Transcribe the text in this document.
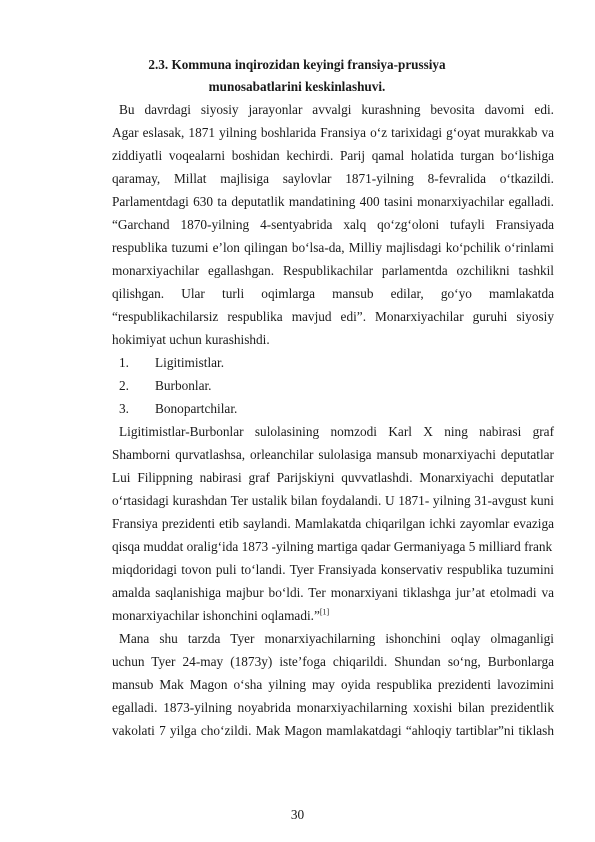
2.3. Kommuna inqirozidan keyingi fransiya-prussiya
munosabatlarini keskinlashuvi.
Bu davrdagi siyosiy jarayonlar avvalgi kurashning bevosita davomi edi.
Agar eslasak, 1871 yilning boshlarida Fransiya o‘z tarixidagi g‘oyat murakkab va
ziddiyatli voqealarni boshidan kechirdi. Parij qamal holatida turgan bo‘lishiga
qaramay, Millat majlisiga saylovlar 1871-yilning 8-fevralida o‘tkazildi.
Parlamentdagi 630 ta deputatlik mandatining 400 tasini monarxiyachilar egalladi.
“Garchand 1870-yilning 4-sentyabrida xalq qo‘zg‘oloni tufayli Fransiyada
respublika tuzumi e’lon qilingan bo‘lsa-da, Milliy majlisdagi ko‘pchilik o‘rinlami
monarxiyachilar egallashgan. Respublikachilar parlamentda ozchilikni tashkil
qilishgan. Ular turli oqimlarga mansub edilar, go‘yo mamlakatda
“respublikachilarsiz respublika mavjud edi”. Monarxiyachilar guruhi siyosiy
hokimiyat uchun kurashishdi.
1. Ligitimistlar.
2. Burbonlar.
3. Bonopartchilar.
Ligitimistlar-Burbonlar sulolasining nomzodi Karl X ning nabirasi graf
Shamborni qurvatlashsa, orleanchilar sulolasiga mansub monarxiyachi deputatlar
Lui Filippning nabirasi graf Parijskiyni quvvatlashdi. Monarxiyachi deputatlar
o‘rtasidagi kurashdan Ter ustalik bilan foydalandi. U 1871- yilning 31-avgust kuni
Fransiya prezidenti etib saylandi. Mamlakatda chiqarilgan ichki zayomlar evaziga
qisqa muddat oralig‘ida 1873 -yilning martiga qadar Germaniyaga 5 milliard frank
miqdoridagi tovon puli to‘landi. Tyer Fransiyada konservativ respublika tuzumini
amalda saqlanishiga majbur bo‘ldi. Ter monarxiyani tiklashga jur’at etolmadi va
monarxiyachilar ishonchini oqlamadi.”[1]
Mana shu tarzda Tyer monarxiyachilarning ishonchini oqlay olmaganligi
uchun Tyer 24-may (1873y) iste’foga chiqarildi. Shundan so‘ng, Burbonlarga
mansub Mak Magon o‘sha yilning may oyida respublika prezidenti lavozimini
egalladi. 1873-yilning noyabrida monarxiyachilarning xoxishi bilan prezidentlik
vakolati 7 yilga cho‘zildi. Mak Magon mamlakatdagi “ahloqiy tartiblar”ni tiklash
30
